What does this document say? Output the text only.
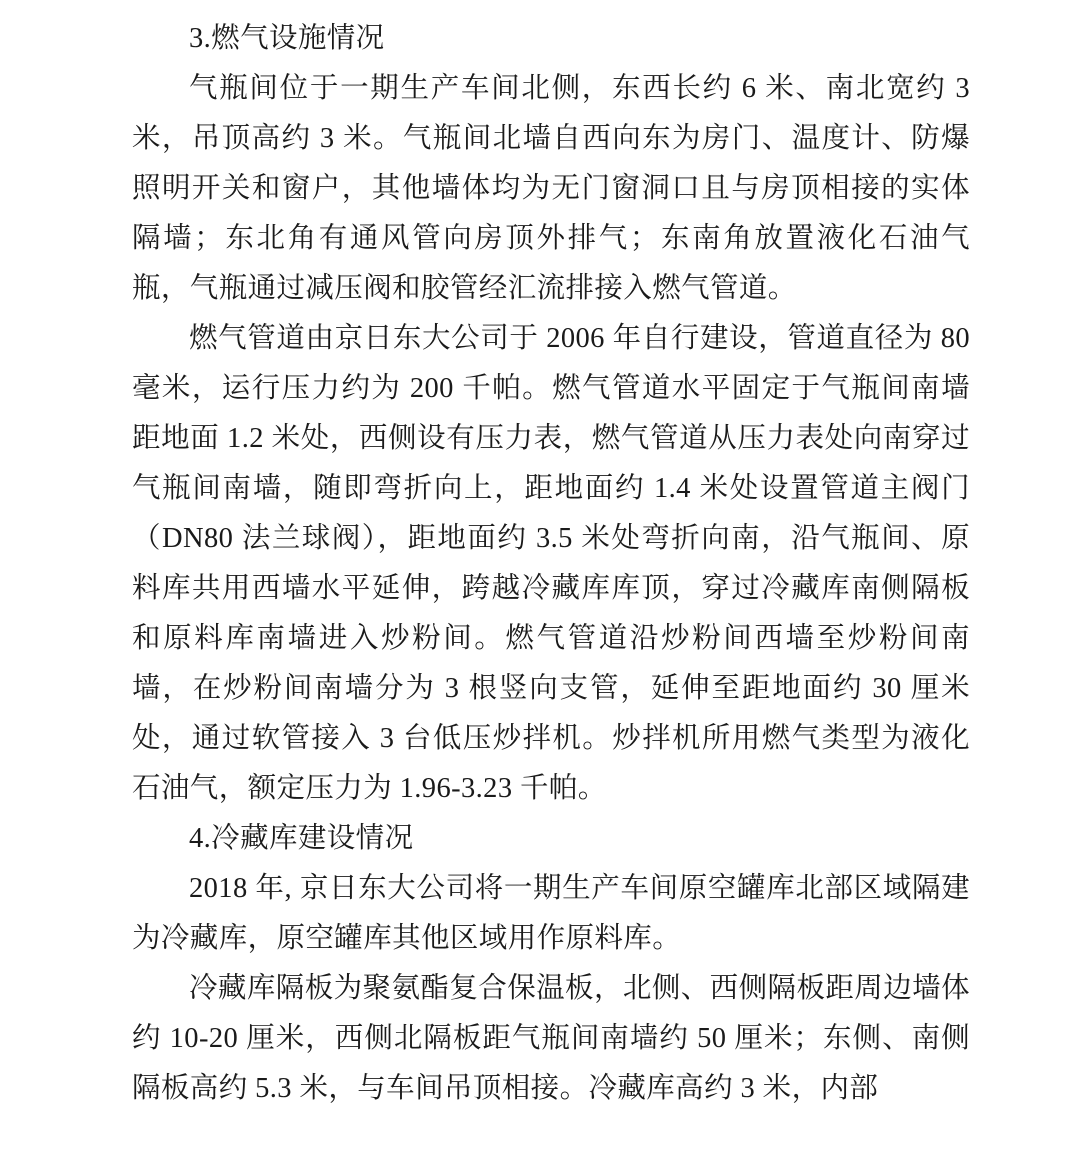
3.燃气设施情况

气瓶间位于一期生产车间北侧，东西长约 6 米、南北宽约 3 米，吊顶高约 3 米。气瓶间北墙自西向东为房门、温度计、防爆照明开关和窗户，其他墙体均为无门窗洞口且与房顶相接的实体隔墙；东北角有通风管向房顶外排气；东南角放置液化石油气瓶，气瓶通过减压阀和胶管经汇流排接入燃气管道。

燃气管道由京日东大公司于 2006 年自行建设，管道直径为 80 毫米，运行压力约为 200 千帕。燃气管道水平固定于气瓶间南墙距地面 1.2 米处，西侧设有压力表，燃气管道从压力表处向南穿过气瓶间南墙，随即弯折向上，距地面约 1.4 米处设置管道主阀门（DN80 法兰球阀），距地面约 3.5 米处弯折向南，沿气瓶间、原料库共用西墙水平延伸，跨越冷藏库库顶，穿过冷藏库南侧隔板和原料库南墙进入炒粉间。燃气管道沿炒粉间西墙至炒粉间南墙，在炒粉间南墙分为 3 根竖向支管，延伸至距地面约 30 厘米处，通过软管接入 3 台低压炒拌机。炒拌机所用燃气类型为液化石油气，额定压力为 1.96-3.23 千帕。

4.冷藏库建设情况

2018 年, 京日东大公司将一期生产车间原空罐库北部区域隔建为冷藏库，原空罐库其他区域用作原料库。

冷藏库隔板为聚氨酯复合保温板，北侧、西侧隔板距周边墙体约 10-20 厘米，西侧北隔板距气瓶间南墙约 50 厘米；东侧、南侧隔板高约 5.3 米，与车间吊顶相接。冷藏库高约 3 米，内部
